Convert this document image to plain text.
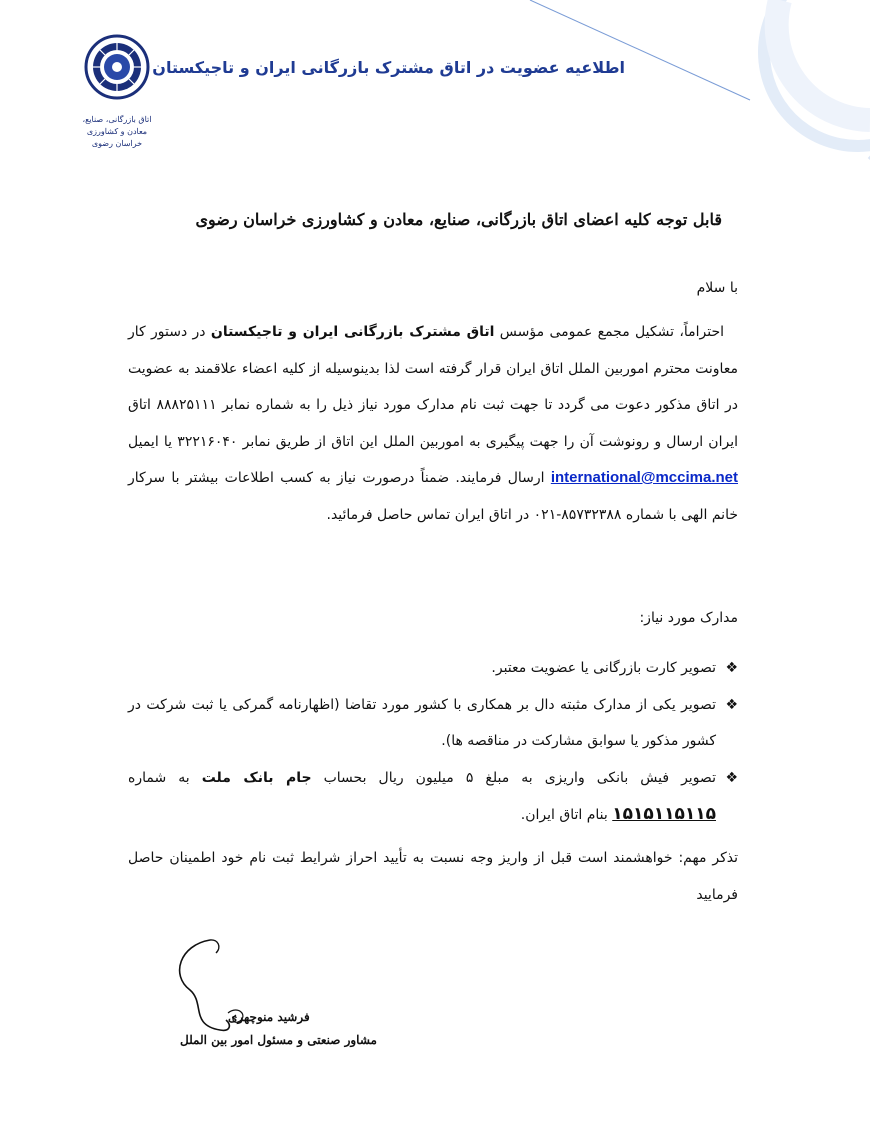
اتاق بازرگانی، صنایع، معادن و کشاورزی
خراسان رضوی
اطلاعیه عضویت در اتاق مشترک بازرگانی ایران و تاجیکستان
قابل توجه کلیه اعضای اتاق بازرگانی، صنایع، معادن و کشاورزی خراسان رضوی
با سلام
احتراماً، تشکیل مجمع عمومی مؤسس اتاق مشترک بازرگانی ایران و تاجیکستان در دستور کار معاونت محترم اموربین الملل اتاق ایران قرار گرفته است لذا بدینوسیله از کلیه اعضاء علاقمند به عضویت در اتاق مذکور دعوت می گردد تا جهت ثبت نام مدارک مورد نیاز ذیل را به شماره نمابر ۸۸۸۲۵۱۱۱ اتاق ایران ارسال و رونوشت آن را جهت پیگیری به اموربین الملل این اتاق از طریق نمابر ۳۲۲۱۶۰۴۰ یا ایمیل international@mccima.net ارسال فرمایند. ضمناً درصورت نیاز به کسب اطلاعات بیشتر با سرکار خانم الهی با شماره ۸۵۷۳۲۳۸۸-۰۲۱ در اتاق ایران تماس حاصل فرمائید.
مدارک مورد نیاز:
❖
تصویر کارت بازرگانی یا عضویت معتبر.
❖
تصویر یکی از مدارک مثبته دال بر همکاری با کشور مورد تقاضا (اظهارنامه گمرکی یا ثبت شرکت در کشور مذکور یا سوابق مشارکت در مناقصه ها).
❖
تصویر فیش بانکی واریزی به مبلغ ۵ میلیون ریال بحساب جام بانک ملت به شماره ۱۵۱۵۱۱۵۱۱۵ بنام اتاق ایران.
تذکر مهم: خواهشمند است قبل از واریز وجه نسبت به تأیید احراز شرایط ثبت نام خود اطمینان حاصل فرمایید
فرشید منوچهری
مشاور صنعتی و مسئول امور بین الملل
